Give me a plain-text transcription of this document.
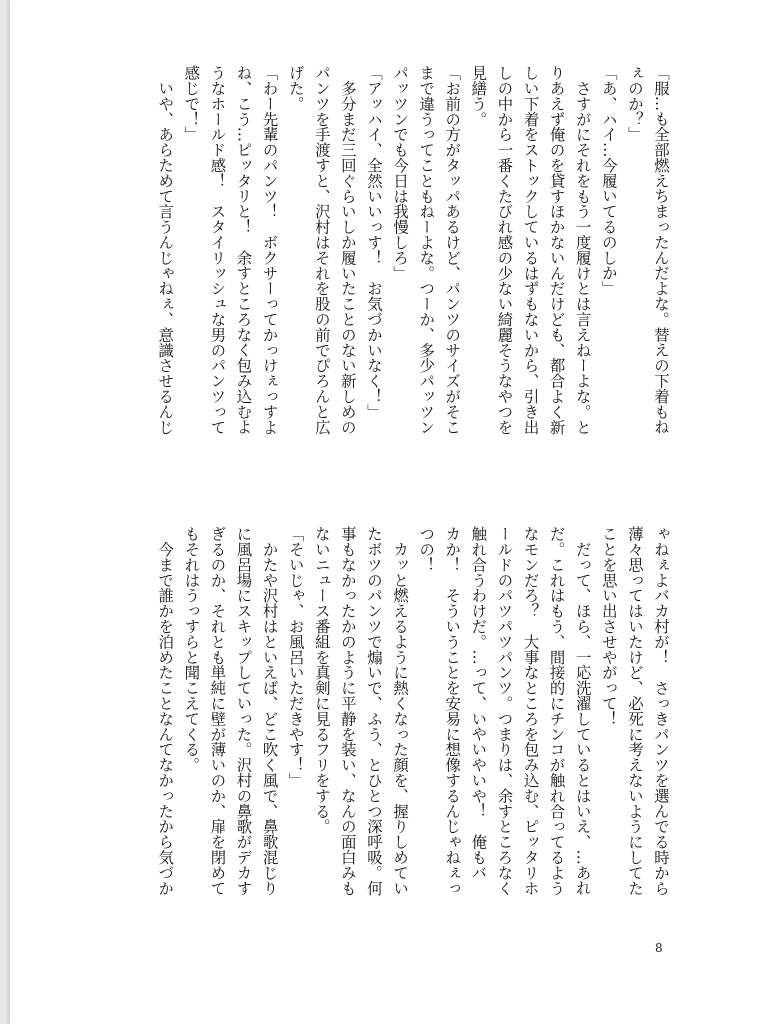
「服…も全部燃えちまったんだよな。替えの下着もね
ぇのか？」
「あ、ハイ…今履いてるのしか」
　さすがにそれをもう一度履けとは言えねーよな。と
りあえず俺のを貸すほかないんだけども、都合よく新
しい下着をストックしているはずもないから、引き出
しの中から一番くたびれ感の少ない綺麗そうなやつを
見繕う。
「お前の方がタッパあるけど、パンツのサイズがそこ
まで違うってこともねーよな。つーか、多少パッツン
パッツンでも今日は我慢しろ」
「アッハイ、全然いいっす！　お気づかいなく！」
　多分まだ三回ぐらいしか履いたことのない新しめの
パンツを手渡すと、沢村はそれを股の前でぴろんと広
げた。
「わー先輩のパンツ！　ボクサーってかっけぇっすよ
ね、こう…ピッタリと！　余すところなく包み込むよ
うなホールド感！　スタイリッシュな男のパンツって
感じで！」
　いや、あらためて言うんじゃねぇ、意識させるんじ
ゃねぇよバカ村が！　さっきパンツを選んでる時から
薄々思ってはいたけど、必死に考えないようにしてた
ことを思い出させやがって！
　だって、ほら、一応洗濯しているとはいえ、…あれ
だ。これはもう、間接的にチンコが触れ合ってるよう
なモンだろ？　大事なところを包み込む、ピッタリホ
ールドのパツパツパンツ。つまりは、余すところなく
触れ合うわけだ。…って、いやいやいや！　俺もバ
カか！　そういうことを安易に想像するんじゃねぇっ
つの！
　カッと燃えるように熱くなった顔を、握りしめてい
たボツのパンツで煽いで、ふう、とひとつ深呼吸。何
事もなかったかのように平静を装い、なんの面白みも
ないニュース番組を真剣に見るフリをする。
「そいじゃ、お風呂いただきやす！」
　かたや沢村はといえば、どこ吹く風で、鼻歌混じり
に風呂場にスキップしていった。沢村の鼻歌がデカす
ぎるのか、それとも単純に壁が薄いのか、扉を閉めて
もそれはうっすらと聞こえてくる。
　今まで誰かを泊めたことなんてなかったから気づか
8
